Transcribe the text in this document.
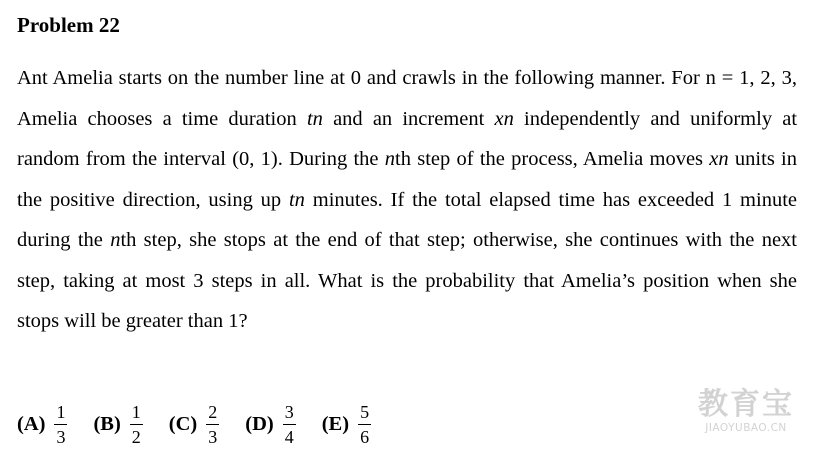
Problem 22
Ant Amelia starts on the number line at 0 and crawls in the following manner. For n = 1, 2, 3, Amelia chooses a time duration tn and an increment xn independently and uniformly at random from the interval (0, 1). During the nth step of the process, Amelia moves xn units in the positive direction, using up tn minutes. If the total elapsed time has exceeded 1 minute during the nth step, she stops at the end of that step; otherwise, she continues with the next step, taking at most 3 steps in all. What is the probability that Amelia’s position when she stops will be greater than 1?
$(A) \frac{1}{3} (B) \frac{1}{2} (C) \frac{2}{3} (D) \frac{3}{4} (E) \frac{5}{6}$	教育宝
JIAOYUBAO.CN
